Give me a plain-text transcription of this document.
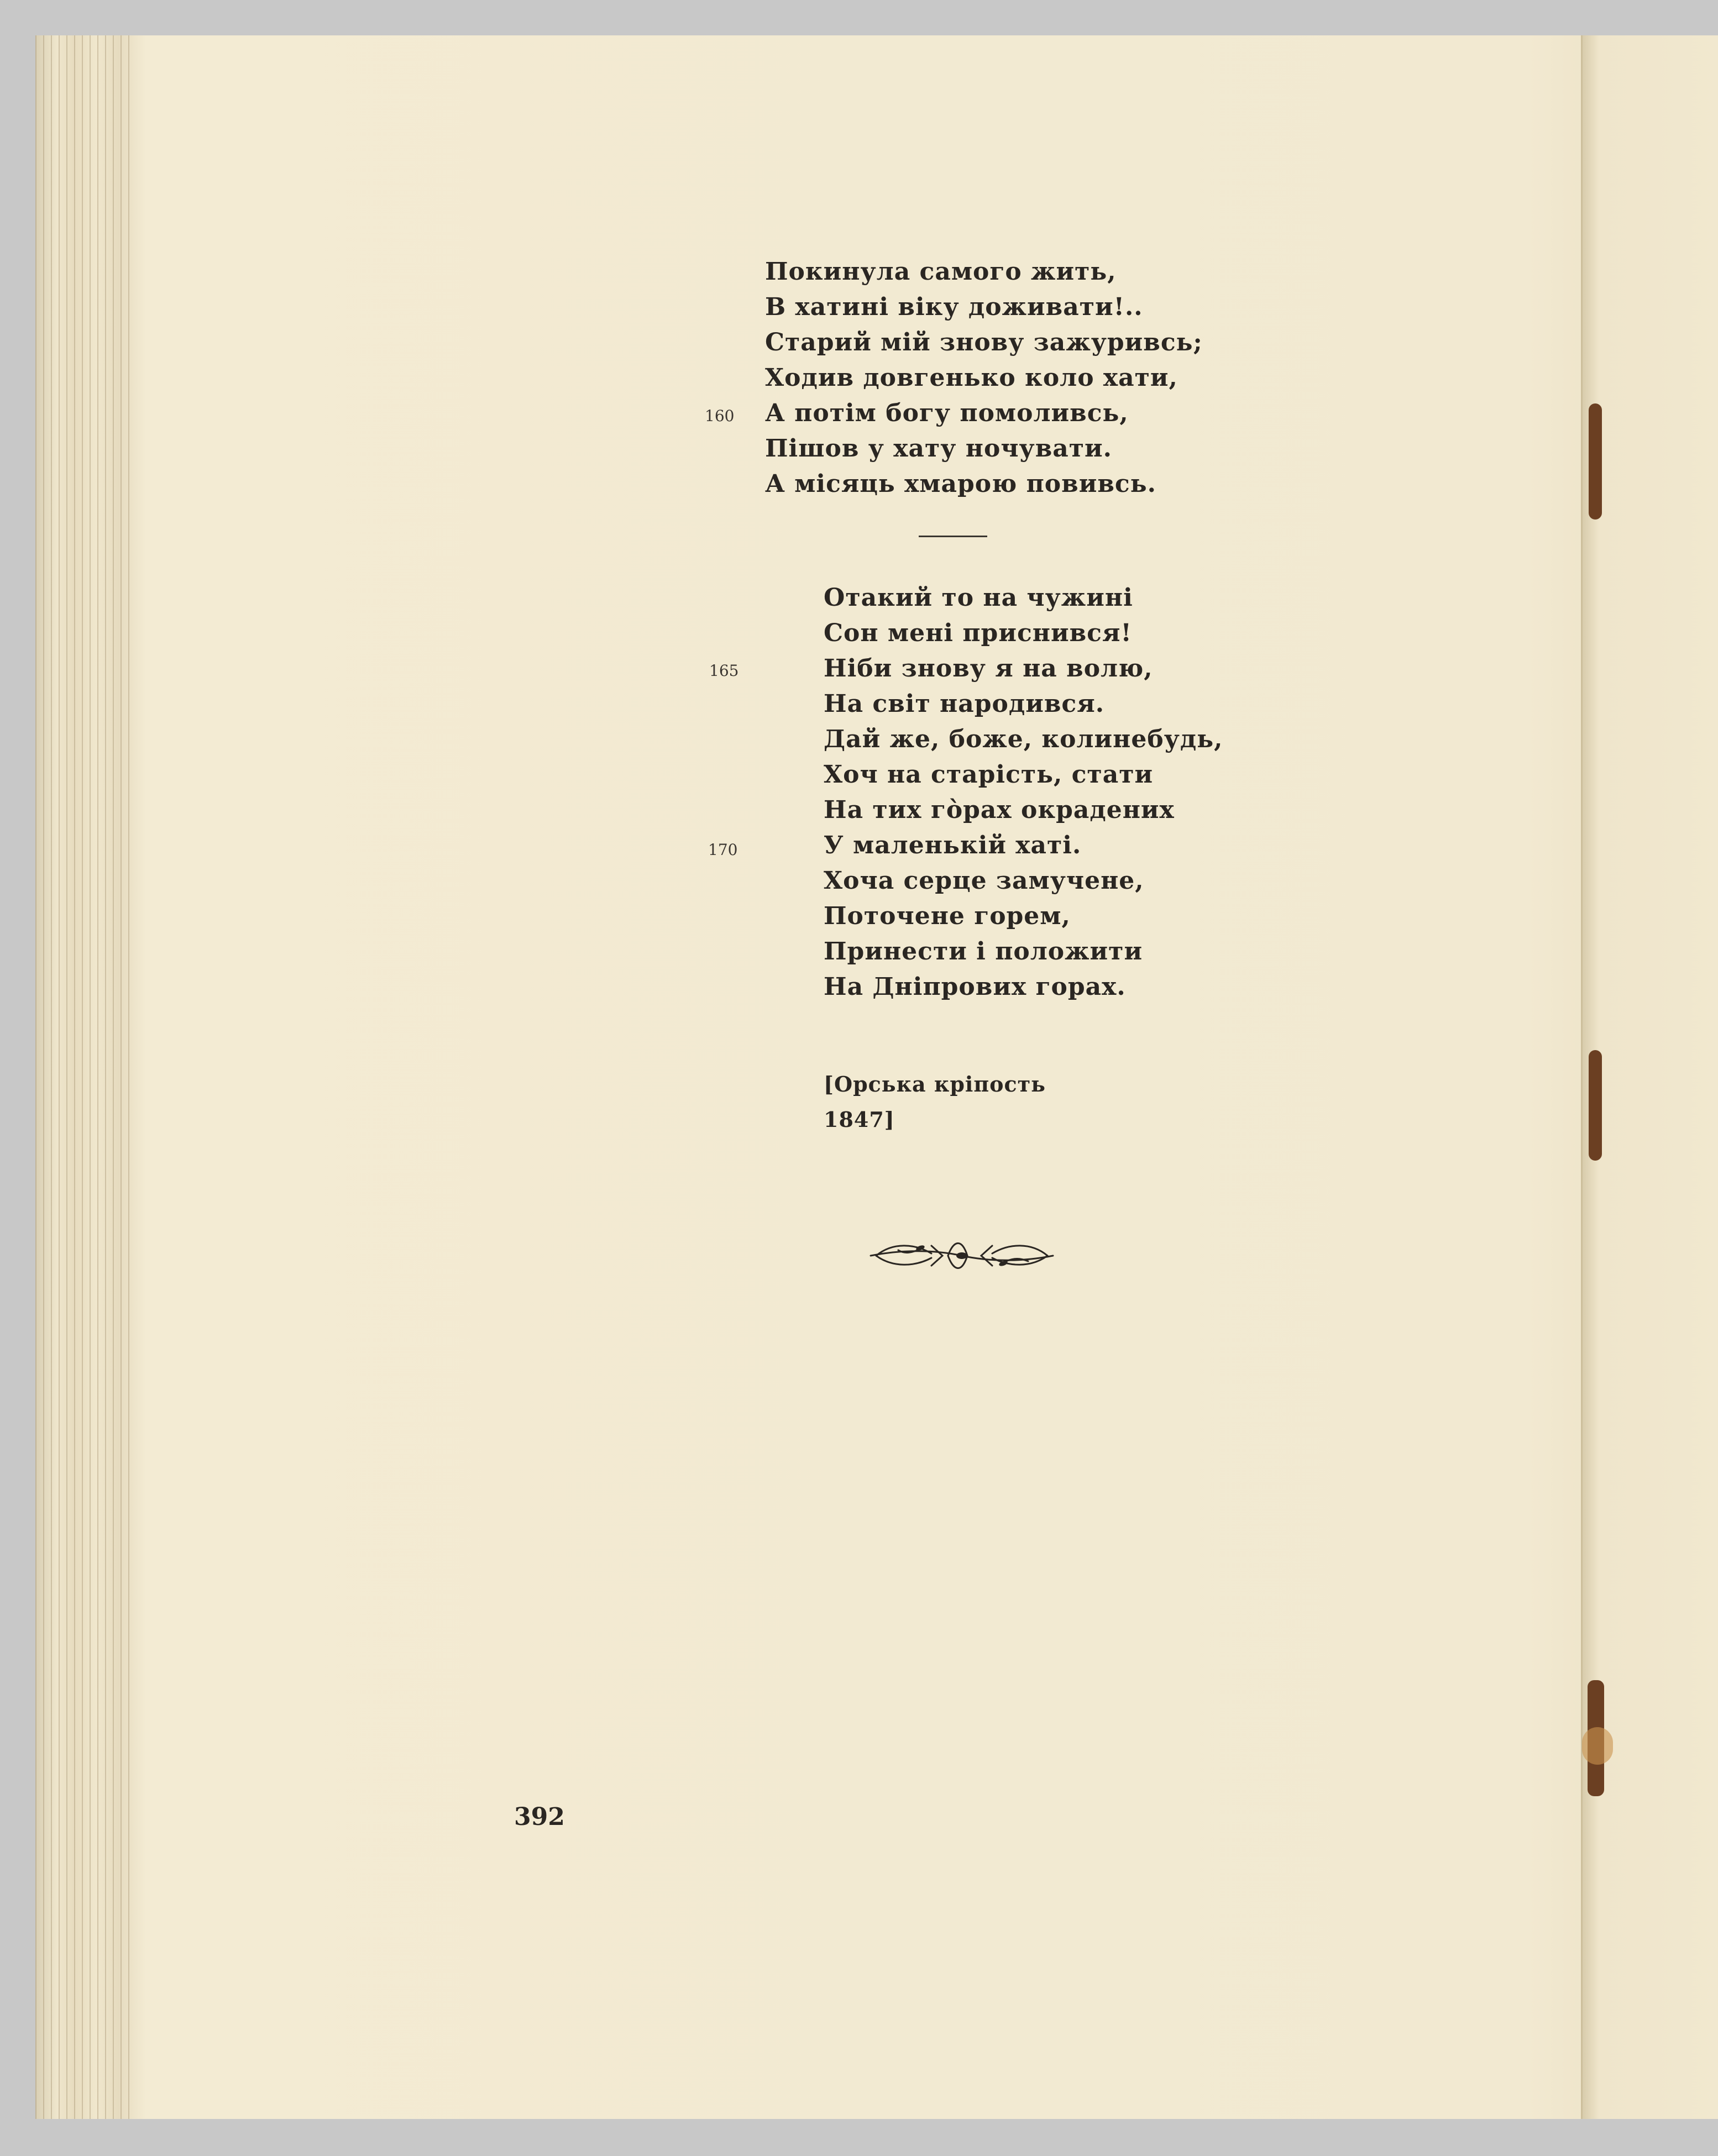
Покинула самого жить,
В хатині віку доживати!..
Старий мій знову зажуривсь;
Ходив довгенько коло хати,
А потім богу помоливсь,
Пішов у хату ночувати.
А місяць хмарою повивсь.
160
Отакий то на чужині
Сон мені приснився!
Ніби знову я на волю,
На світ народився.
Дай же, боже, колинебудь,
Хоч на старість, стати
На тих гòрах окрадених
У маленькій хаті.
Хоча серце замучене,
Поточене горем,
Принести і положити
На Дніпрових горах.
165
170
[Орська кріпость
1847]
392
